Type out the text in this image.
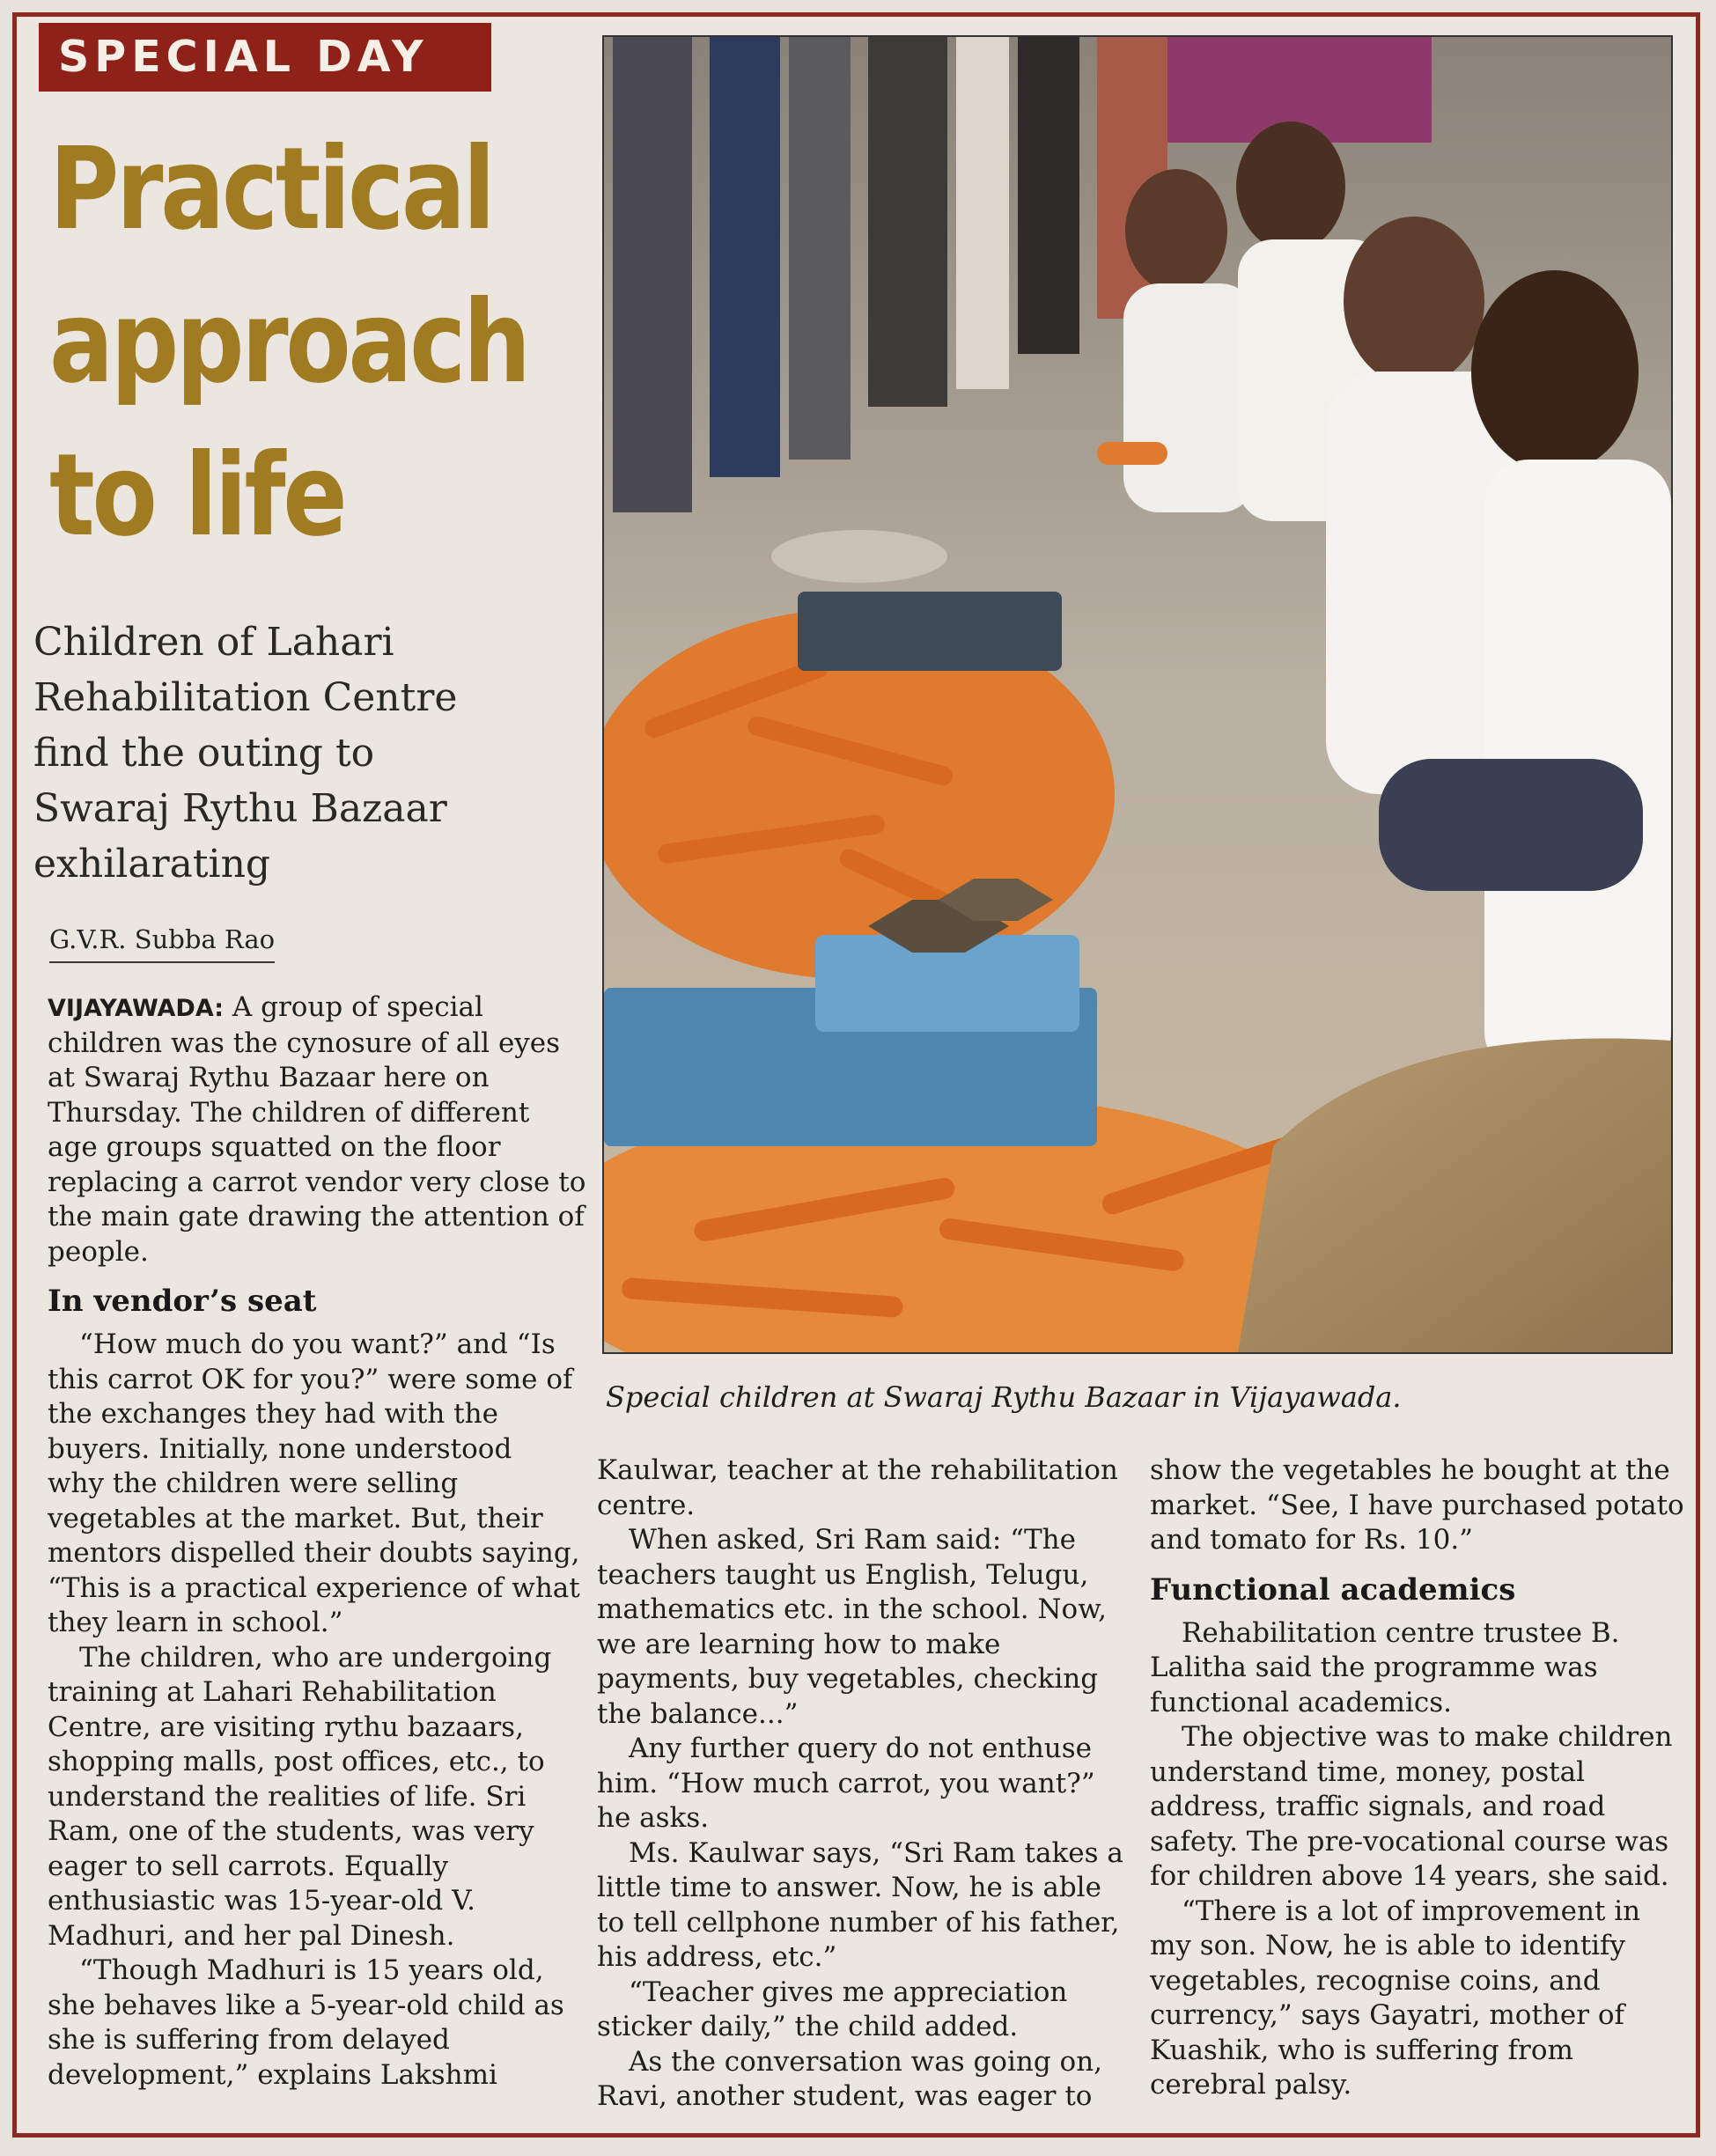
SPECIAL DAY
Practical
approach
to life
Children of Lahari
Rehabilitation Centre
find the outing to
Swaraj Rythu Bazaar
exhilarating
G.V.R. Subba Rao
Special children at Swaraj Rythu Bazaar in Vijayawada.
VIJAYAWADA: A group of special
children was the cynosure of all eyes
at Swaraj Rythu Bazaar here on
Thursday. The children of different
age groups squatted on the floor
replacing a carrot vendor very close to
the main gate drawing the attention of
people.
In vendor’s seat
“How much do you want?” and “Is
this carrot OK for you?” were some of
the exchanges they had with the
buyers. Initially, none understood
why the children were selling
vegetables at the market. But, their
mentors dispelled their doubts saying,
“This is a practical experience of what
they learn in school.”
The children, who are undergoing
training at Lahari Rehabilitation
Centre, are visiting rythu bazaars,
shopping malls, post offices, etc., to
understand the realities of life. Sri
Ram, one of the students, was very
eager to sell carrots. Equally
enthusiastic was 15-year-old V.
Madhuri, and her pal Dinesh.
“Though Madhuri is 15 years old,
she behaves like a 5-year-old child as
she is suffering from delayed
development,” explains Lakshmi
Kaulwar, teacher at the rehabilitation
centre.
When asked, Sri Ram said: “The
teachers taught us English, Telugu,
mathematics etc. in the school. Now,
we are learning how to make
payments, buy vegetables, checking
the balance...”
Any further query do not enthuse
him. “How much carrot, you want?”
he asks.
Ms. Kaulwar says, “Sri Ram takes a
little time to answer. Now, he is able
to tell cellphone number of his father,
his address, etc.”
“Teacher gives me appreciation
sticker daily,” the child added.
As the conversation was going on,
Ravi, another student, was eager to
show the vegetables he bought at the
market. “See, I have purchased potato
and tomato for Rs. 10.”
Functional academics
Rehabilitation centre trustee B.
Lalitha said the programme was
functional academics.
The objective was to make children
understand time, money, postal
address, traffic signals, and road
safety. The pre-vocational course was
for children above 14 years, she said.
“There is a lot of improvement in
my son. Now, he is able to identify
vegetables, recognise coins, and
currency,” says Gayatri, mother of
Kuashik, who is suffering from
cerebral palsy.
